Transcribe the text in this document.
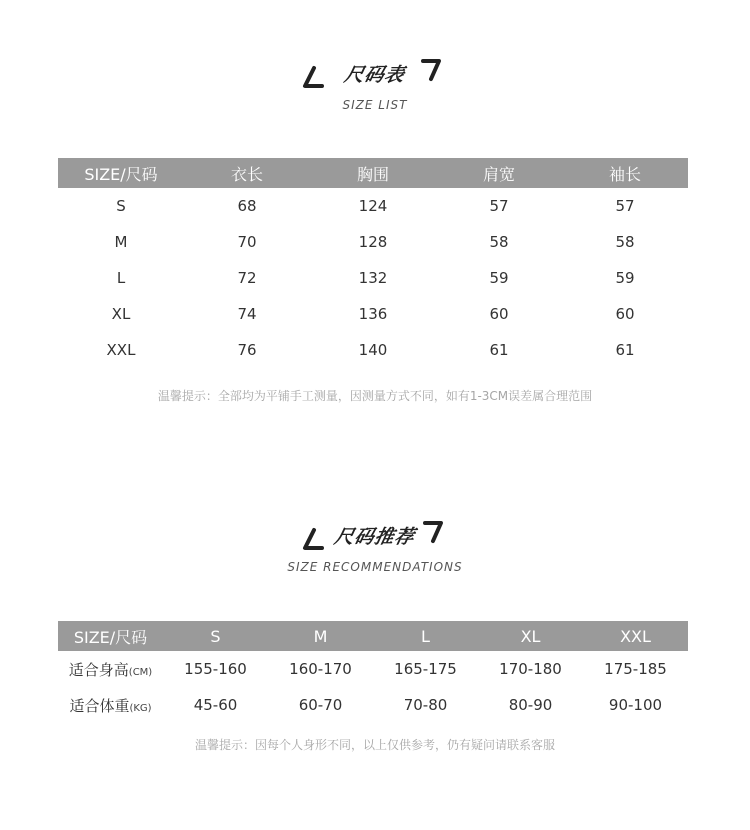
尺码表
SIZE LIST
SIZE/尺码	衣长	胸围	肩宽	袖长
S	68	124	57	57
M	70	128	58	58
L	72	132	59	59
XL	74	136	60	60
XXL	76	140	61	61
温馨提示：全部均为平铺手工测量，因测量方式不同，如有1-3CM误差属合理范围
尺码推荐
SIZE RECOMMENDATIONS
SIZE/尺码	S	M	L	XL	XXL
适合身高(CM)	155-160	160-170	165-175	170-180	175-185
适合体重(KG)	45-60	60-70	70-80	80-90	90-100
温馨提示：因每个人身形不同，以上仅供参考，仍有疑问请联系客服
